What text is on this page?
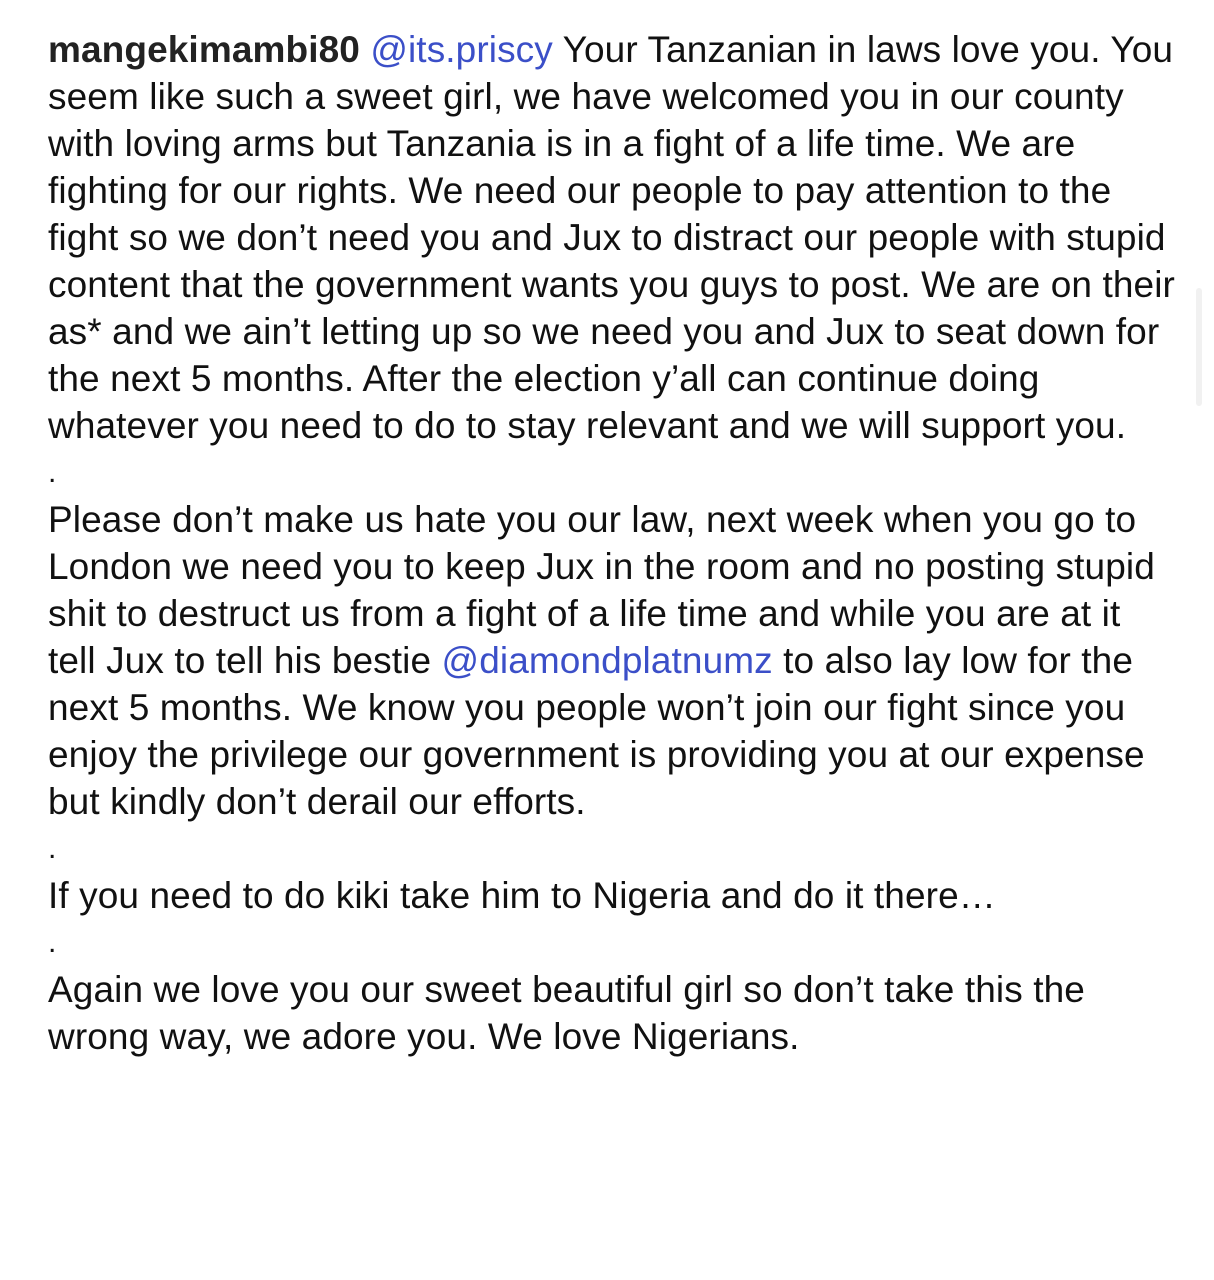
mangekimambi80 @its.priscy Your Tanzanian in laws love you. You seem like such a sweet girl, we have welcomed you in our county with loving arms but Tanzania is in a fight of a life time. We are fighting for our rights. We need our people to pay attention to the fight so we don’t need you and Jux to distract our people with stupid content that the government wants you guys to post. We are on their as* and we ain’t letting up so we need you and Jux to seat down for the next 5 months. After the election y’all can continue doing whatever you need to do to stay relevant and we will support you.

.

Please don’t make us hate you our law, next week when you go to London we need you to keep Jux in the room and no posting stupid shit to destruct us from a fight of a life time and while you are at it tell Jux to tell his bestie @diamondplatnumz to also lay low for the next 5 months. We know you people won’t join our fight since you enjoy the privilege our government is providing you at our expense but kindly don’t derail our efforts.

.

If you need to do kiki take him to Nigeria and do it there…

.

Again we love you our sweet beautiful girl so don’t take this the wrong way, we adore you. We love Nigerians.
